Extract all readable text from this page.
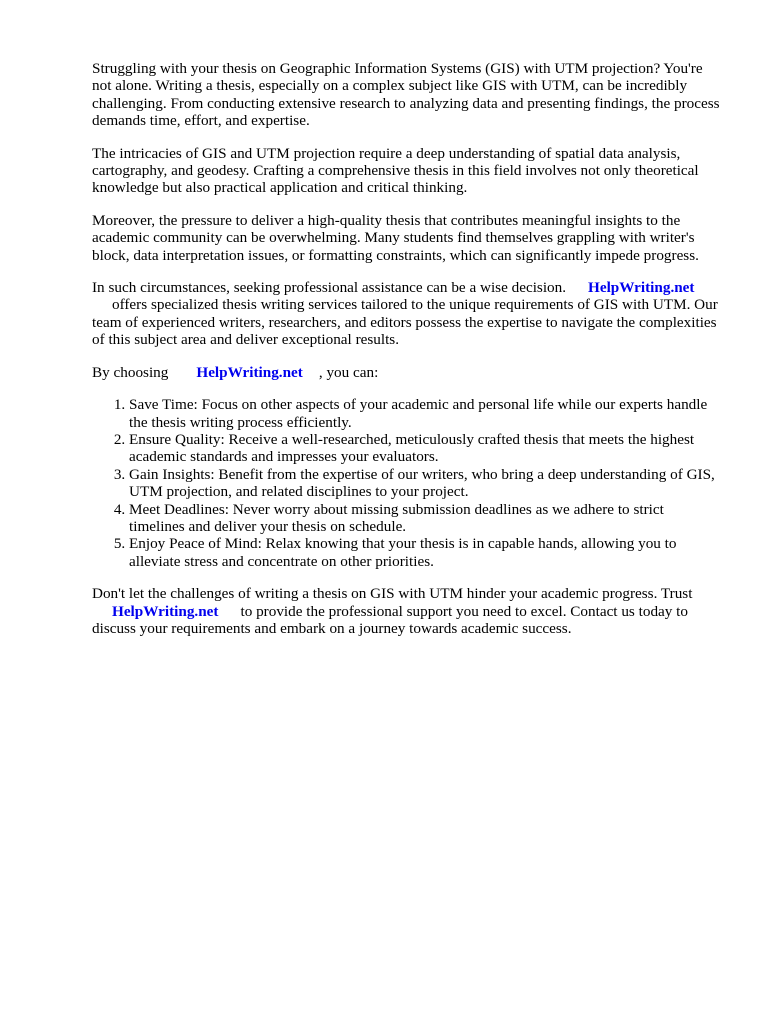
Struggling with your thesis on Geographic Information Systems (GIS) with UTM projection? You're not alone. Writing a thesis, especially on a complex subject like GIS with UTM, can be incredibly challenging. From conducting extensive research to analyzing data and presenting findings, the process demands time, effort, and expertise.

The intricacies of GIS and UTM projection require a deep understanding of spatial data analysis, cartography, and geodesy. Crafting a comprehensive thesis in this field involves not only theoretical knowledge but also practical application and critical thinking.

Moreover, the pressure to deliver a high-quality thesis that contributes meaningful insights to the academic community can be overwhelming. Many students find themselves grappling with writer's block, data interpretation issues, or formatting constraints, which can significantly impede progress.

In such circumstances, seeking professional assistance can be a wise decision. HelpWriting.net
offers specialized thesis writing services tailored to the unique requirements of GIS with UTM. Our team of experienced writers, researchers, and editors possess the expertise to navigate the complexities of this subject area and deliver exceptional results.

By choosing HelpWriting.net , you can:

1. Save Time: Focus on other aspects of your academic and personal life while our experts handle the thesis writing process efficiently.
2. Ensure Quality: Receive a well-researched, meticulously crafted thesis that meets the highest academic standards and impresses your evaluators.
3. Gain Insights: Benefit from the expertise of our writers, who bring a deep understanding of GIS, UTM projection, and related disciplines to your project.
4. Meet Deadlines: Never worry about missing submission deadlines as we adhere to strict timelines and deliver your thesis on schedule.
5. Enjoy Peace of Mind: Relax knowing that your thesis is in capable hands, allowing you to alleviate stress and concentrate on other priorities.

Don't let the challenges of writing a thesis on GIS with UTM hinder your academic progress. Trust
HelpWriting.net to provide the professional support you need to excel. Contact us today to discuss your requirements and embark on a journey towards academic success.
